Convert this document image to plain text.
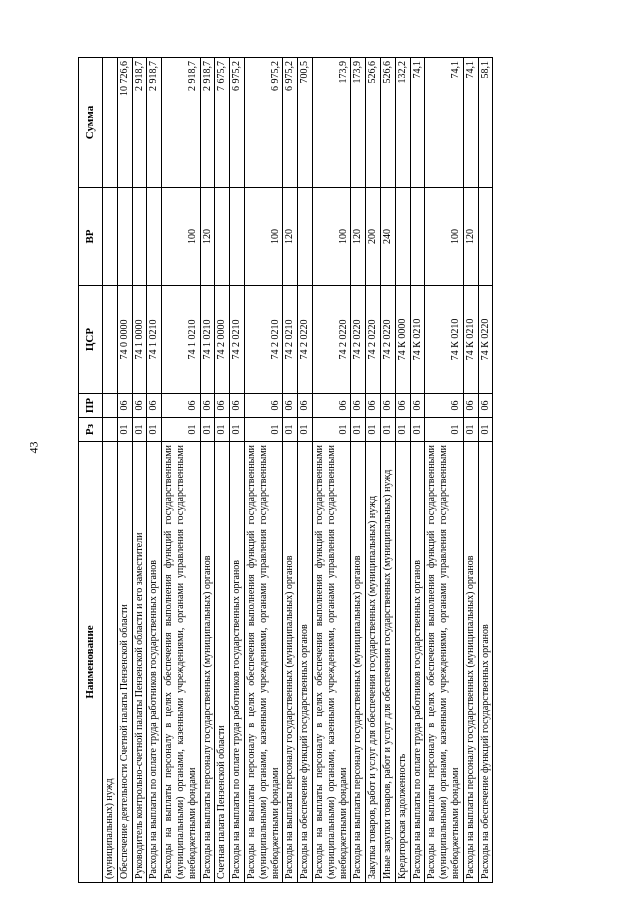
43
Наименование	Рз	ПР	ЦСР	ВР	Сумма
(муниципальных) нужд					
Обеспечение деятельности Счетной палаты Пензенской области	01	06	74 0 0000		10 726,6
Руководитель контрольно-счетной палаты Пензенской области и его заместители	01	06	74 1 0000		2 918,7
Расходы на выплаты по оплате труда работников государственных органов	01	06	74 1 0210		2 918,7
Расходы на выплаты персоналу в целях обеспечения выполнения функций государственными (муниципальными) органами, казенными учреждениями, органами управления государственными внебюджетными фондами	01	06	74 1 0210	100	2 918,7
Расходы на выплаты персоналу государственных (муниципальных) органов	01	06	74 1 0210	120	2 918,7
Счетная палата Пензенской области	01	06	74 2 0000		7 675,7
Расходы на выплаты по оплате труда работников государственных органов	01	06	74 2 0210		6 975,2
Расходы на выплаты персоналу в целях обеспечения выполнения функций государственными (муниципальными) органами, казенными учреждениями, органами управления государственными внебюджетными фондами	01	06	74 2 0210	100	6 975,2
Расходы на выплаты персоналу государственных (муниципальных) органов	01	06	74 2 0210	120	6 975,2
Расходы на обеспечение функций государственных органов	01	06	74 2 0220		700,5
Расходы на выплаты персоналу в целях обеспечения выполнения функций государственными (муниципальными) органами, казенными учреждениями, органами управления государственными внебюджетными фондами	01	06	74 2 0220	100	173,9
Расходы на выплаты персоналу государственных (муниципальных) органов	01	06	74 2 0220	120	173,9
Закупка товаров, работ и услуг для обеспечения государственных (муниципальных) нужд	01	06	74 2 0220	200	526,6
Иные закупки товаров, работ и услуг для обеспечения государственных (муниципальных) нужд	01	06	74 2 0220	240	526,6
Кредиторская задолженность	01	06	74 К 0000		132,2
Расходы на выплаты по оплате труда работников государственных органов	01	06	74 К 0210		74,1
Расходы на выплаты персоналу в целях обеспечения выполнения функций государственными (муниципальными) органами, казенными учреждениями, органами управления государственными внебюджетными фондами	01	06	74 К 0210	100	74,1
Расходы на выплаты персоналу государственных (муниципальных) органов	01	06	74 К 0210	120	74,1
Расходы на обеспечение функций государственных органов	01	06	74 К 0220		58,1
